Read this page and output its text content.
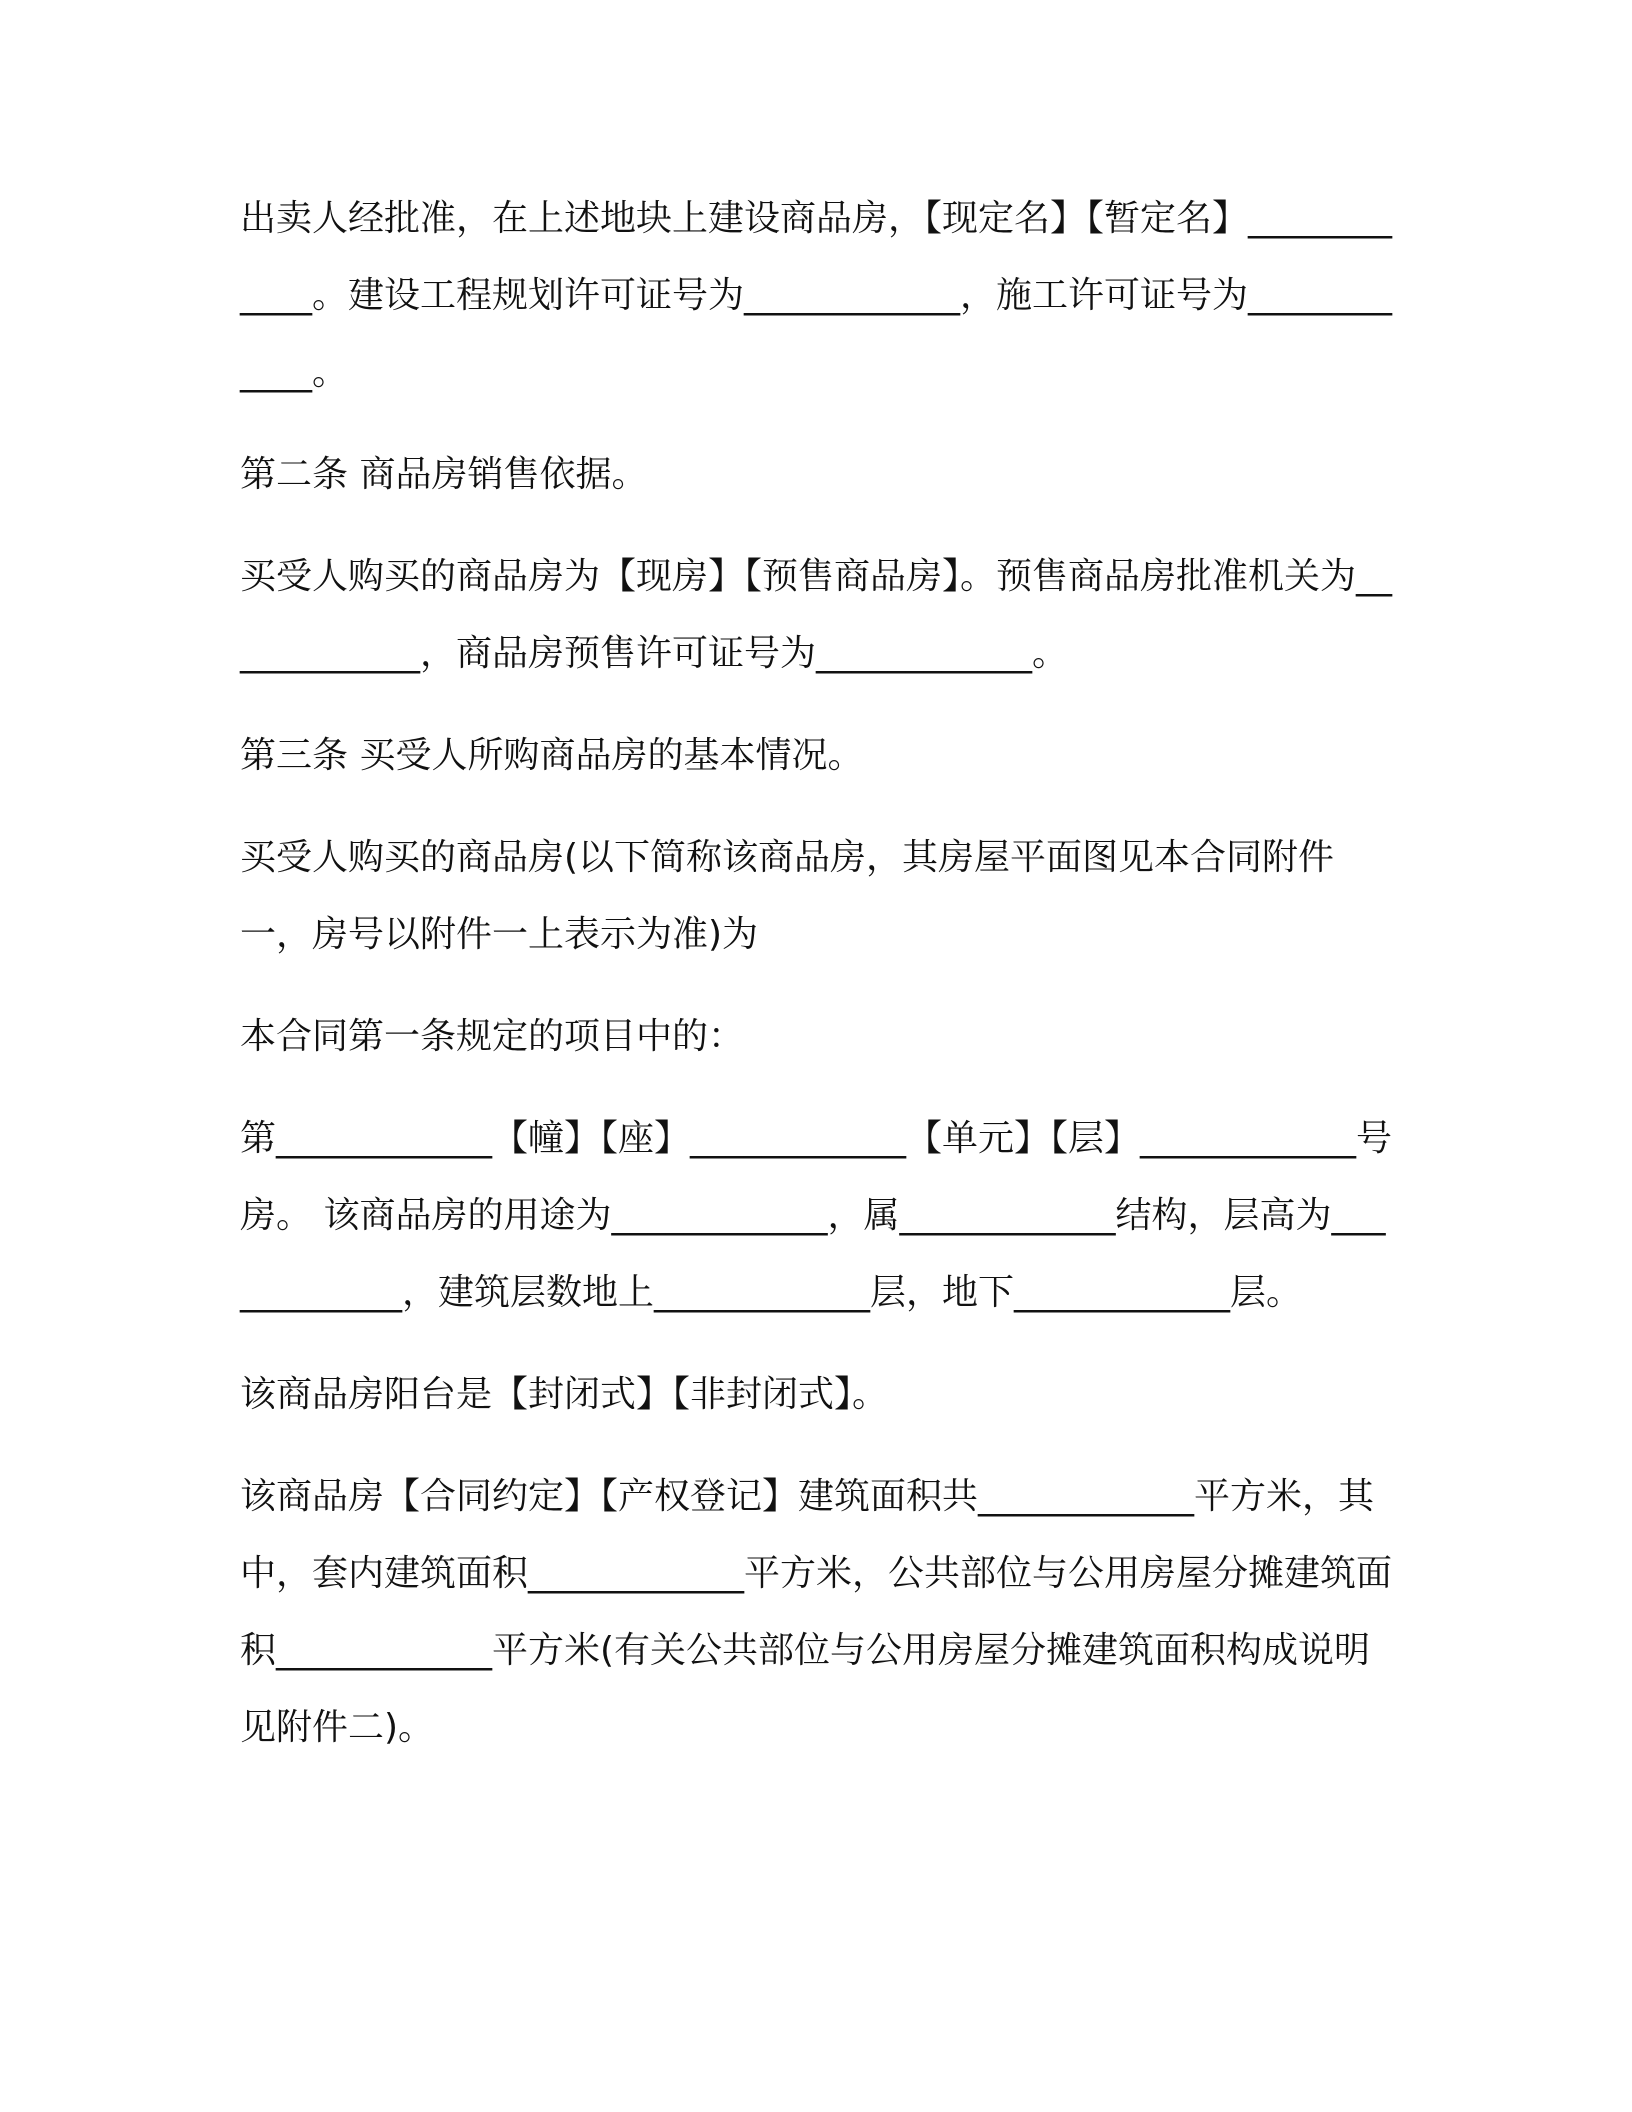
出卖人经批准，在上述地块上建设商品房，【现定名】【暂定名】____________。建设工程规划许可证号为____________，施工许可证号为____________。

第二条 商品房销售依据。

买受人购买的商品房为【现房】【预售商品房】。预售商品房批准机关为____________，商品房预售许可证号为____________。

第三条 买受人所购商品房的基本情况。

买受人购买的商品房(以下简称该商品房，其房屋平面图见本合同附件一，房号以附件一上表示为准)为

本合同第一条规定的项目中的：

第____________【幢】【座】____________【单元】【层】____________号房。 该商品房的用途为____________，属____________结构，层高为____________，建筑层数地上____________层，地下____________层。

该商品房阳台是【封闭式】【非封闭式】。

该商品房【合同约定】【产权登记】建筑面积共____________平方米，其中，套内建筑面积____________平方米，公共部位与公用房屋分摊建筑面积____________平方米(有关公共部位与公用房屋分摊建筑面积构成说明见附件二)。
